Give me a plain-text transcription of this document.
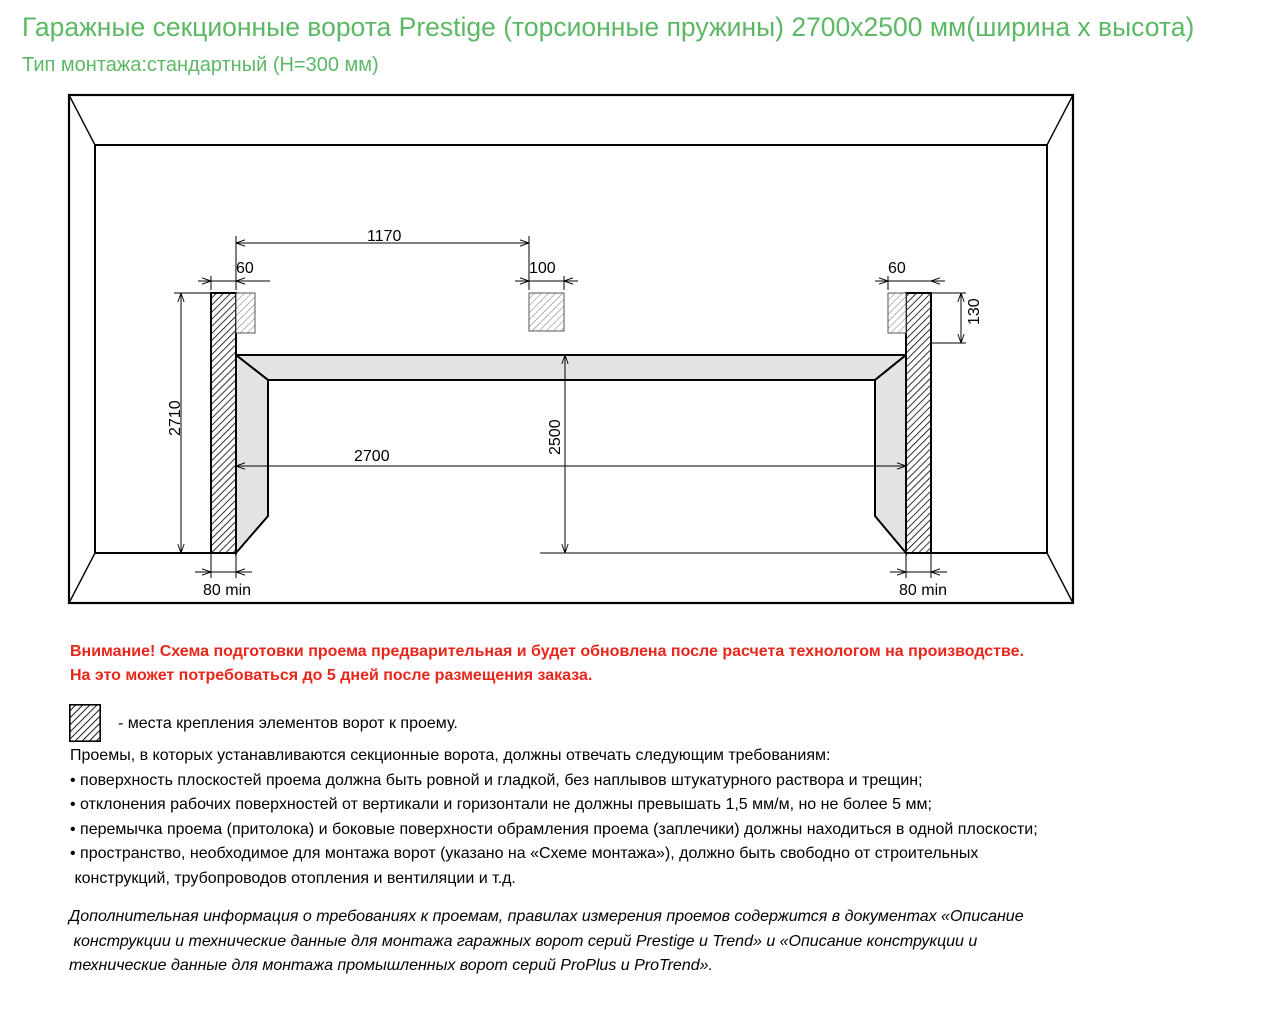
Гаражные секционные ворота Prestige (торсионные пружины) 2700х2500 мм(ширина х высота)
Тип монтажа:стандартный (H=300 мм)
1170
60	100	60
130
2710
2700
2500
80 min	80 min
Внимание! Схема подготовки проема предварительная и будет обновлена после расчета технологом на производстве.
На это может потребоваться до 5 дней после размещения заказа.
- места крепления элементов ворот к проему.
Проемы, в которых устанавливаются секционные ворота, должны отвечать следующим требованиям:
• поверхность плоскостей проема должна быть ровной и гладкой, без наплывов штукатурного раствора и трещин;
• отклонения рабочих поверхностей от вертикали и горизонтали не должны превышать 1,5 мм/м, но не более 5 мм;
• перемычка проема (притолока) и боковые поверхности обрамления проема (заплечики) должны находиться в одной плоскости;
• пространство, необходимое для монтажа ворот (указано на «Схеме монтажа»), должно быть свободно от строительных
конструкций, трубопроводов отопления и вентиляции и т.д.
Дополнительная информация о требованиях к проемам, правилах измерения проемов содержится в документах «Описание
конструкции и технические данные для монтажа гаражных ворот серий Prestige и Trend» и «Описание конструкции и
технические данные для монтажа промышленных ворот серий ProPlus и ProTrend».
